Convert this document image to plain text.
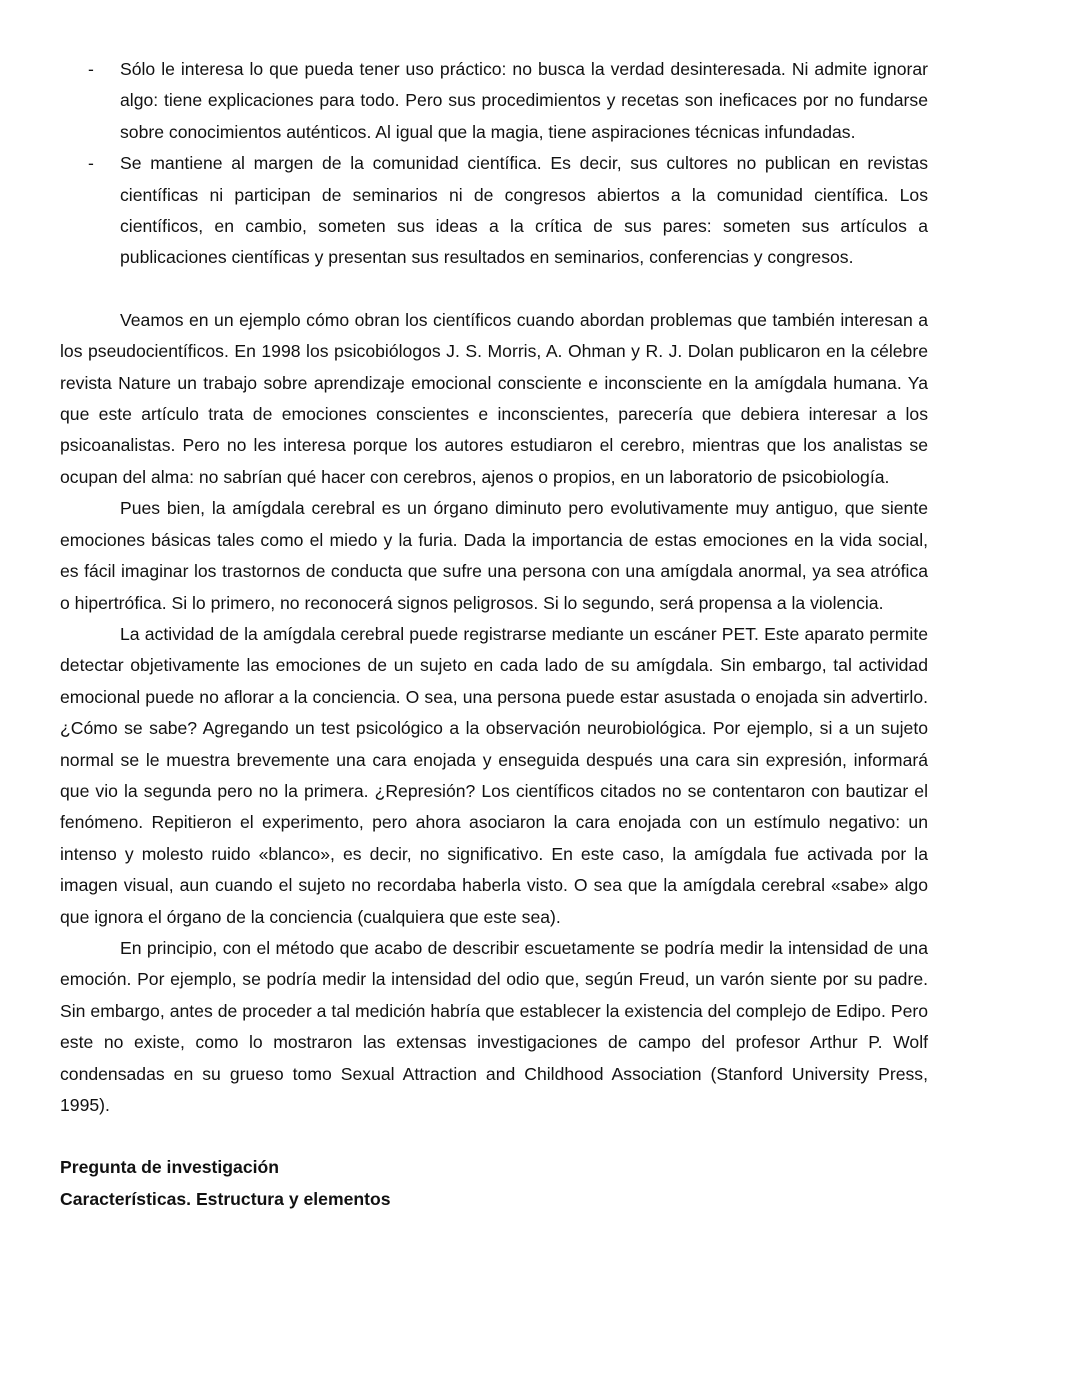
- Sólo le interesa lo que pueda tener uso práctico: no busca la verdad desinteresada. Ni admite ignorar algo: tiene explicaciones para todo. Pero sus procedimientos y recetas son ineficaces por no fundarse sobre conocimientos auténticos. Al igual que la magia, tiene aspiraciones técnicas infundadas.
- Se mantiene al margen de la comunidad científica. Es decir, sus cultores no publican en revistas científicas ni participan de seminarios ni de congresos abiertos a la comunidad científica. Los científicos, en cambio, someten sus ideas a la crítica de sus pares: someten sus artículos a publicaciones científicas y presentan sus resultados en seminarios, conferencias y congresos.

Veamos en un ejemplo cómo obran los científicos cuando abordan problemas que también interesan a los pseudocientíficos. En 1998 los psicobiólogos J. S. Morris, A. Ohman y R. J. Dolan publicaron en la célebre revista Nature un trabajo sobre aprendizaje emocional consciente e inconsciente en la amígdala humana. Ya que este artículo trata de emociones conscientes e inconscientes, parecería que debiera interesar a los psicoanalistas. Pero no les interesa porque los autores estudiaron el cerebro, mientras que los analistas se ocupan del alma: no sabrían qué hacer con cerebros, ajenos o propios, en un laboratorio de psicobiología.

Pues bien, la amígdala cerebral es un órgano diminuto pero evolutivamente muy antiguo, que siente emociones básicas tales como el miedo y la furia. Dada la importancia de estas emociones en la vida social, es fácil imaginar los trastornos de conducta que sufre una persona con una amígdala anormal, ya sea atrófica o hipertrófica. Si lo primero, no reconocerá signos peligrosos. Si lo segundo, será propensa a la violencia.

La actividad de la amígdala cerebral puede registrarse mediante un escáner PET. Este aparato permite detectar objetivamente las emociones de un sujeto en cada lado de su amígdala. Sin embargo, tal actividad emocional puede no aflorar a la conciencia. O sea, una persona puede estar asustada o enojada sin advertirlo. ¿Cómo se sabe? Agregando un test psicológico a la observación neurobiológica. Por ejemplo, si a un sujeto normal se le muestra brevemente una cara enojada y enseguida después una cara sin expresión, informará que vio la segunda pero no la primera. ¿Represión? Los científicos citados no se contentaron con bautizar el fenómeno. Repitieron el experimento, pero ahora asociaron la cara enojada con un estímulo negativo: un intenso y molesto ruido «blanco», es decir, no significativo. En este caso, la amígdala fue activada por la imagen visual, aun cuando el sujeto no recordaba haberla visto. O sea que la amígdala cerebral «sabe» algo que ignora el órgano de la conciencia (cualquiera que este sea).

En principio, con el método que acabo de describir escuetamente se podría medir la intensidad de una emoción. Por ejemplo, se podría medir la intensidad del odio que, según Freud, un varón siente por su padre. Sin embargo, antes de proceder a tal medición habría que establecer la existencia del complejo de Edipo. Pero este no existe, como lo mostraron las extensas investigaciones de campo del profesor Arthur P. Wolf condensadas en su grueso tomo Sexual Attraction and Childhood Association (Stanford University Press, 1995).

Pregunta de investigación

Características. Estructura y elementos
